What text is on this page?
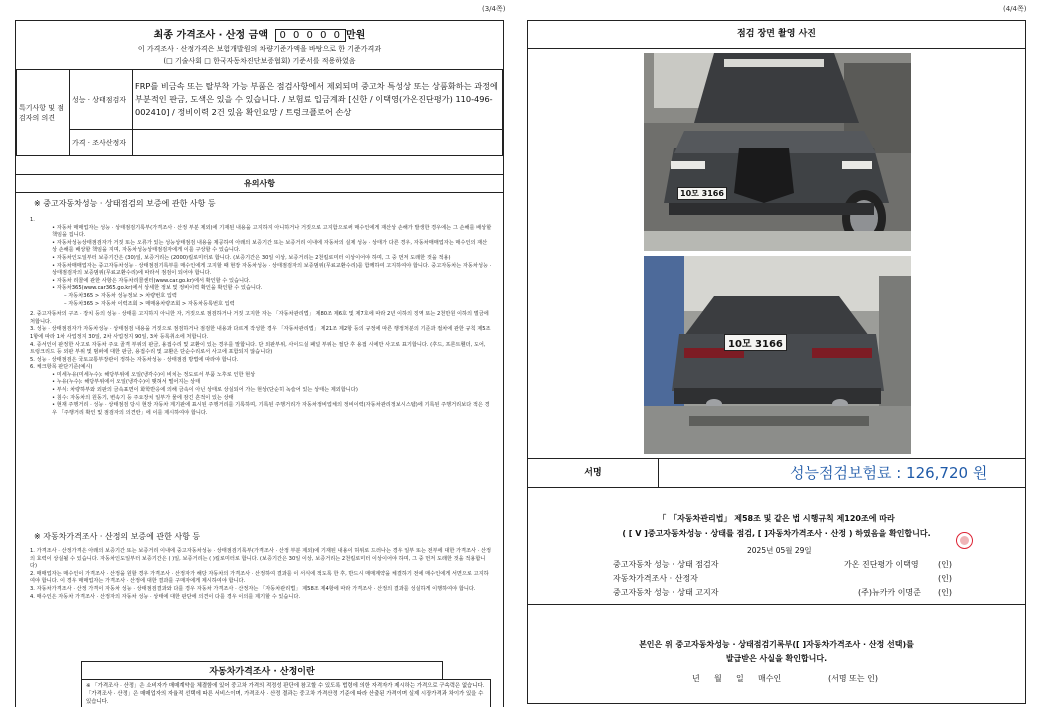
(3/4쪽)	(4/4쪽)
최종 가격조사 · 산정 금액 0 0 0 0 0 만원
이 가격조사 · 산정가격은 보험개발원의 차량기준가액을 바탕으로 한 기준가격과
(□ 기술사회 □ 한국자동차진단보증협회) 기준서를 적용하였음
특기사항 및 점검자의 의견	성능 · 상태점검자	FRP를 비금속 또는 탈부착 가능 부품은 점검사항에서 제외되며 중고차 특성상 또는 상품화하는 과정에 부분적인 판금, 도색은 있을 수 있습니다. / 보험료 입금계좌 [신한 / 이택영(가온진단평가) 110-496-002410] / 정비이력 2건 있음 확인요망 / 트렁크플로어 손상
	가격 · 조사산정자	
유의사항
※ 중고자동차성능 · 상태점검의 보증에 관한 사항 등

1.

• 자동차 매매업자는 성능 · 상태점검기록부(가격조사 · 산정 부분 제외)에 기재된 내용을 고지하지 아니하거나 거짓으로 고지함으로써 매수인에게 재산상 손해가 발생한 경우에는 그 손해를 배상할 책임을 집니다.

• 자동차성능상태점검자가 거짓 또는 오류가 있는 성능상태점검 내용을 제공하여 아래의 보증기간 또는 보증거리 이내에 자동차의 실제 성능 · 상태가 다른 경우, 자동차매매업자는 매수인의 재산상 손해를 배상할 책임을 지며, 자동차성능상태점검자에게 이를 구상할 수 있습니다.

• 자동차인도일부터 보증기간은 (30)일, 보증거리는 (2000)킬로미터로 합니다. (보증기간은 30일 이상, 보증거리는 2천킬로미터 이상이어야 하며, 그 중 먼저 도래한 것을 적용)

• 자동차매매업자는 중고자동차성능 · 상태점검기록부를 매수인에게 고지할 때 현장 자동차성능 · 상태점검자의 보증범위(무료교환수리)를 함께하여 고지하여야 합니다. 중고자동차는 자동차성능 · 상태점검자의 보증범위(무료교환수리)에 따라서 점검이 되어야 합니다.

• 자동차 리콜에 관한 사항은 자동차리콜센터(www.car.go.kr)에서 확인할 수 있습니다.

• 자동차365(www.car365.go.kr)에서 상세한 정보 및 정비이력 확인을 확인할 수 있습니다.

– 자동차365 > 자동차 성능정보 > 차량번호 입력

– 자동차365 > 자동차 이력조회 > 매매용차량조회 > 자동차등록번호 입력

2. 중고자동차의 구조 · 장치 등의 성능 · 상태를 고지하지 아니한 자, 거짓으로 점검하거나 거짓 고지한 자는 「자동차관리법」 제80조 제6호 및 제7호에 따라 2년 이하의 징역 또는 2천만원 이하의 벌금에 처합니다.

3. 성능 · 상태점검자가 자동차성능 · 상태점검 내용을 거짓으로 점검하거나 점검한 내용과 다르게 작성한 경우 「자동차관리법」 제21조 제2항 등의 규정에 따른 행정처분의 기준과 절차에 관한 규칙 제5조 1항에 따라 1차 사업정지 30일, 2차 사업정지 90일, 3차 등록취소에 처합니다.

4. 증서인이 판정한 사고로 자동차 주요 골격 부위의 판금, 용접수리 및 교환이 있는 경우를 말합니다. 단 외판부위, 사이드실 패널 부위는 절단 후 용접 시에만 사고로 표기합니다. (후드, 프론트휀더, 도어, 트렁크리드 등 외판 부위 및 범퍼에 대한 판금, 용접수리 및 교환은 단순수리로서 사고에 포함되지 않습니다)

5. 성능 · 상태점검은 국토교통부장관이 정하는 자동차성능 · 상태점검 방법에 따라야 합니다.

6. 체크항목 판단기준(예시)

• 미세누유(미세누수): 해당부위에 오일(냉각수)이 비치는 정도로서 부품 노후로 인한 현상

• 누유(누수): 해당부위에서 오일(냉각수)이 맺혀서 떨어지는 상태

• 부식: 차량하부와 외판의 금속표면이 화학반응에 의해 금속이 아닌 상태로 상실되어 가는 현상(단순히 녹슬어 있는 상태는 제외합니다)

• 침수: 자동차의 원동기, 변속기 등 주요장치 일부가 물에 잠긴 흔적이 있는 상태

• 현재 주행거리 · 성능 · 상태점검 당시 현장 자동차 계기판에 표시된 주행거리를 기록하며, 기록된 주행거리가 자동차정비업체의 정비이력(자동차관리정보시스템)에 기록된 주행거리보다 적은 경우 「주행거리 확인 및 점검자의 의견란」에 이를 제시하여야 합니다.

※ 자동차가격조사 · 산정의 보증에 관한 사항 등

1. 가격조사 · 산정가격은 아래의 보증기간 또는 보증거리 이내에 중고자동차성능 · 상태점검기록부(가격조사 · 산정 부분 제외)에 기재된 내용이 허위로 드러나는 경우 일부 또는 전부에 대한 가격조사 · 산정의 효력이 상실될 수 있습니다. 자동차인도일부터 보증기간은 ( )일, 보증거리는 ( )킬로미터로 합니다. (보증기간은 30일 이상, 보증거리는 2천킬로미터 이상이어야 하며, 그 중 먼저 도래한 것을 적용합니다)

2. 매매업자는 매수인이 가격조사 · 산정을 원할 경우 가격조사 · 산정자가 해당 자동차의 가격조사 · 산정하여 결과를 이 서식에 적도록 한 후, 반드시 매매계약을 체결하기 전에 매수인에게 서면으로 고지하여야 합니다. 이 경우 매매업자는 가격조사 · 산정에 대한 결과를 구매자에게 제시하여야 합니다.

3. 자동차가격조사 · 산정 가격이 자동차 성능 · 상태점검결과와 다를 경우 자동차 가격조사 · 산정자는 「자동차관리법」 제58조 제4항에 따라 가격조사 · 산정의 결과를 성실하게 이행하여야 합니다.

4. 매수인은 자동차 가격조사 · 산정자의 자동차 성능 · 상태에 대한 판단에 의견이 다를 경우 이의를 제기할 수 있습니다.

자동차가격조사 · 산정이란
※ 「가격조사 · 산정」은 소비자가 매매계약을 체결함에 있어 중고차 가격의 적정성 판단에 참고할 수 있도록 법령에 의한 자격자가 제시하는 가격으로 구속력은 없습니다. 「가격조사 · 산정」은 매매업자의 자율적 선택에 따른 서비스이며, 가격조사 · 산정 결과는 중고차 가격산정 기준에 따라 산출된 가격이며 실제 시장가격과 차이가 있을 수 있습니다.
점검 장면 촬영 사진
10모 3166
10모 3166
서명	성능점검보험료 : 126,720 원
「 「자동차관리법」 제58조 및 같은 법 시행규칙 제120조에 따라
( [ V ]중고자동차성능 · 상태를 점검, [ ]자동차가격조사 · 산정 ) 하였음을 확인합니다.
2025년 05월 29일
중고자동차 성능 · 상태 점검자	가온 진단평가 이택영 (인)
자동차가격조사 · 산정자	(인)
중고자동차 성능 · 상태 고지자	(주)뉴카카 이명준 (인)
본인은 위 중고자동차성능 · 상태점검기록부([ ]자동차가격조사 · 산정 선택)를
발급받은 사실을 확인합니다.
년 월 일 매수인	(서명 또는 인)
